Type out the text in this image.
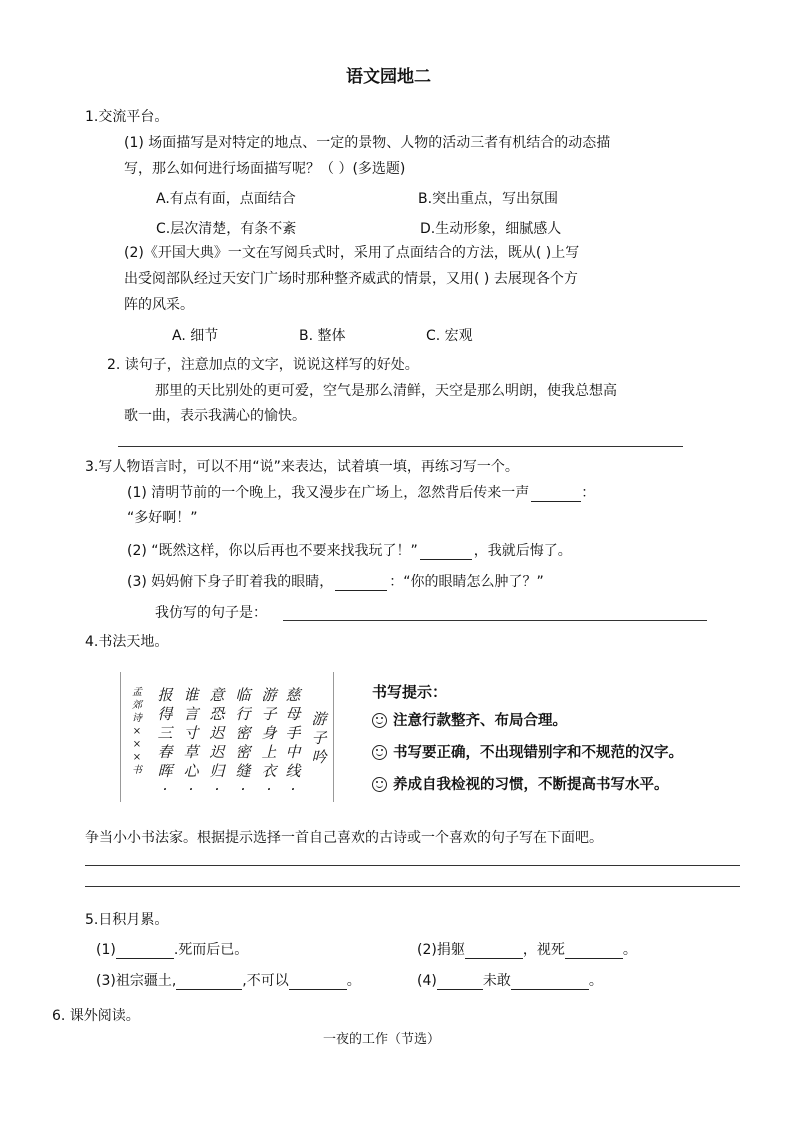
语文园地二
1.交流平台。
(1) 场面描写是对特定的地点、一定的景物、人物的活动三者有机结合的动态描
写，那么如何进行场面描写呢？（ ）(多选题)
A.有点有面，点面结合	B.突出重点，写出氛围
C.层次清楚，有条不紊	D.生动形象，细腻感人
(2)《开国大典》一文在写阅兵式时，采用了点面结合的方法，既从( )上写
出受阅部队经过天安门广场时那种整齐威武的情景，又用( ) 去展现各个方
阵的风采。
A. 细节	B. 整体	C. 宏观
2. 读句子，注意加点的文字，说说这样写的好处。
那里的天比别处的更可爱，空气是那么清鲜，天空是那么明朗，使我总想高
歌一曲，表示我满心的愉快。
3.写人物语言时，可以不用“说”来表达，试着填一填，再练习写一个。
(1) 清明节前的一个晚上，我又漫步在广场上，忽然背后传来一声	：
“多好啊！”
(2) “既然这样，你以后再也不要来找我玩了！”	，我就后悔了。
(3) 妈妈俯下身子盯着我的眼睛，	：“你的眼睛怎么肿了？”
我仿写的句子是：
4.书法天地。
游子吟
慈母手中线
游子身上衣
临行密密缝
意恐迟迟归
谁言寸草心
报得三春晖
孟郊诗 ×××书
·
·
·
·
·
·
书写提示：
注意行款整齐、布局合理。
书写要正确，不出现错别字和不规范的汉字。
养成自我检视的习惯，不断提高书写水平。
争当小小书法家。根据提示选择一首自己喜欢的古诗或一个喜欢的句子写在下面吧。
5.日积月累。
(1)	.死而后已。	(2)捐躯	，视死	。
(3)祖宗疆土,	,不可以	。	(4)	未敢	。
6. 课外阅读。
一夜的工作（节选）
